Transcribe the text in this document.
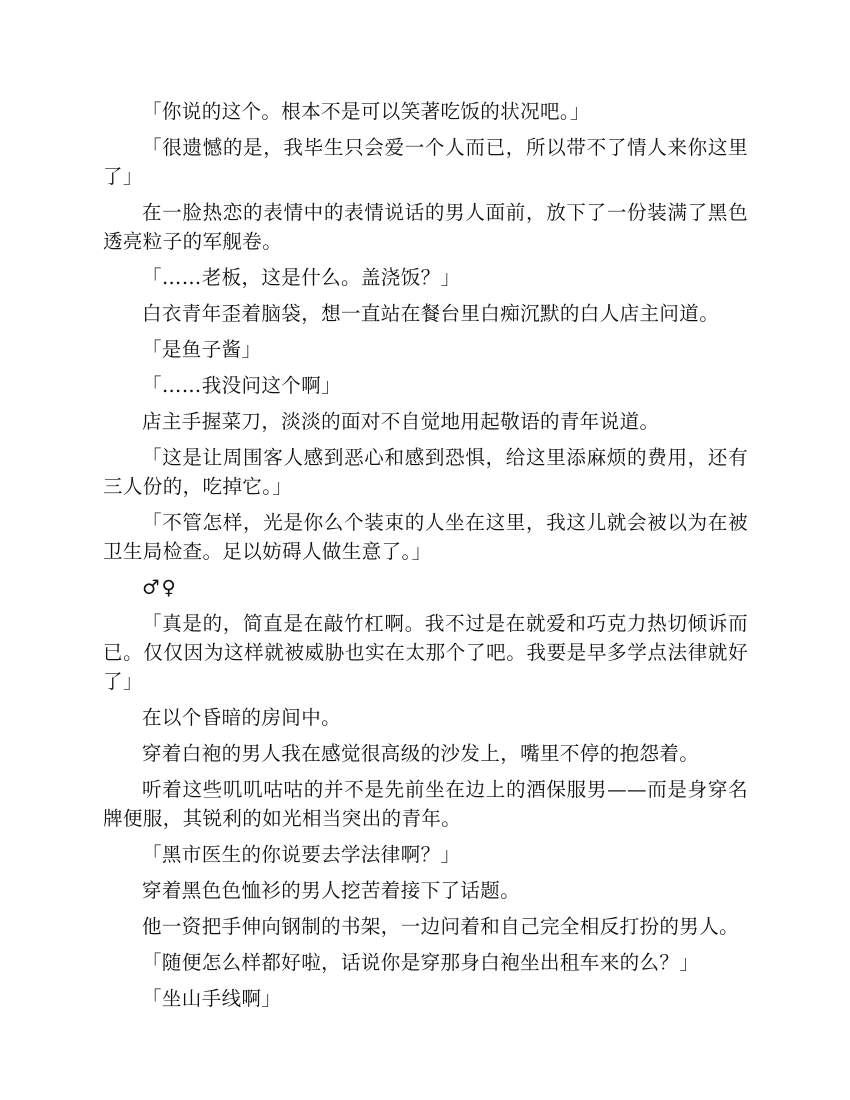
「你说的这个。根本不是可以笑著吃饭的状况吧。」

「很遗憾的是，我毕生只会爱一个人而已，所以带不了情人来你这里了」

在一脸热恋的表情中的表情说话的男人面前，放下了一份装满了黑色透亮粒子的军舰卷。

「……老板，这是什么。盖浇饭？」

白衣青年歪着脑袋，想一直站在餐台里白痴沉默的白人店主问道。

「是鱼子酱」

「……我没问这个啊」

店主手握菜刀，淡淡的面对不自觉地用起敬语的青年说道。

「这是让周围客人感到恶心和感到恐惧，给这里添麻烦的费用，还有三人份的，吃掉它。」

「不管怎样，光是你么个装束的人坐在这里，我这儿就会被以为在被卫生局检查。足以妨碍人做生意了。」

♂♀

「真是的，简直是在敲竹杠啊。我不过是在就爱和巧克力热切倾诉而已。仅仅因为这样就被威胁也实在太那个了吧。我要是早多学点法律就好了」

在以个昏暗的房间中。

穿着白袍的男人我在感觉很高级的沙发上，嘴里不停的抱怨着。

听着这些叽叽咕咕的并不是先前坐在边上的酒保服男——而是身穿名牌便服，其锐利的如光相当突出的青年。

「黑市医生的你说要去学法律啊？」

穿着黑色色恤衫的男人挖苦着接下了话题。

他一资把手伸向钢制的书架，一边问着和自己完全相反打扮的男人。

「随便怎么样都好啦，话说你是穿那身白袍坐出租车来的么？」

「坐山手线啊」
